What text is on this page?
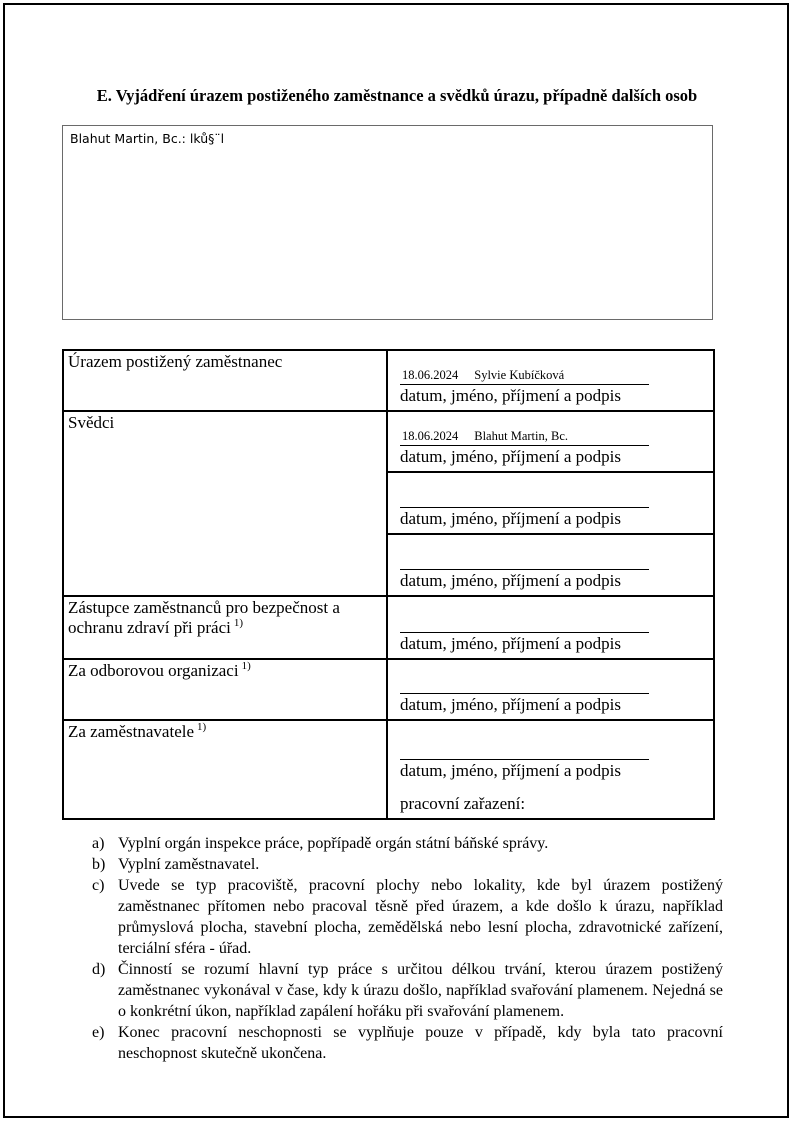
E. Vyjádření úrazem postiženého zaměstnance a svědků úrazu, případně dalších osob
Blahut Martin, Bc.: lků§¨l
Úrazem postižený zaměstnanec	18.06.2024 Sylvie Kubíčková
datum, jméno, příjmení a podpis

Svědci	18.06.2024 Blahut Martin, Bc.
datum, jméno, příjmení a podpis

	datum, jméno, příjmení a podpis

	datum, jméno, příjmení a podpis

Zástupce zaměstnanců pro bezpečnost a ochranu zdraví při práci $^{1)}$	datum, jméno, příjmení a podpis

Za odborovou organizaci $^{1)}$	datum, jméno, příjmení a podpis

Za zaměstnavatele $^{1)}$	datum, jméno, příjmení a podpis
pracovní zařazení:
a) Vyplní orgán inspekce práce, popřípadě orgán státní báňské správy.
b) Vyplní zaměstnavatel.
c) Uvede se typ pracoviště, pracovní plochy nebo lokality, kde byl úrazem postižený zaměstnanec přítomen nebo pracoval těsně před úrazem, a kde došlo k úrazu, například průmyslová plocha, stavební plocha, zemědělská nebo lesní plocha, zdravotnické zařízení, terciální sféra - úřad.
d) Činností se rozumí hlavní typ práce s určitou délkou trvání, kterou úrazem postižený zaměstnanec vykonával v čase, kdy k úrazu došlo, například svařování plamenem. Nejedná se o konkrétní úkon, například zapálení hořáku při svařování plamenem.
e) Konec pracovní neschopnosti se vyplňuje pouze v případě, kdy byla tato pracovní neschopnost skutečně ukončena.
